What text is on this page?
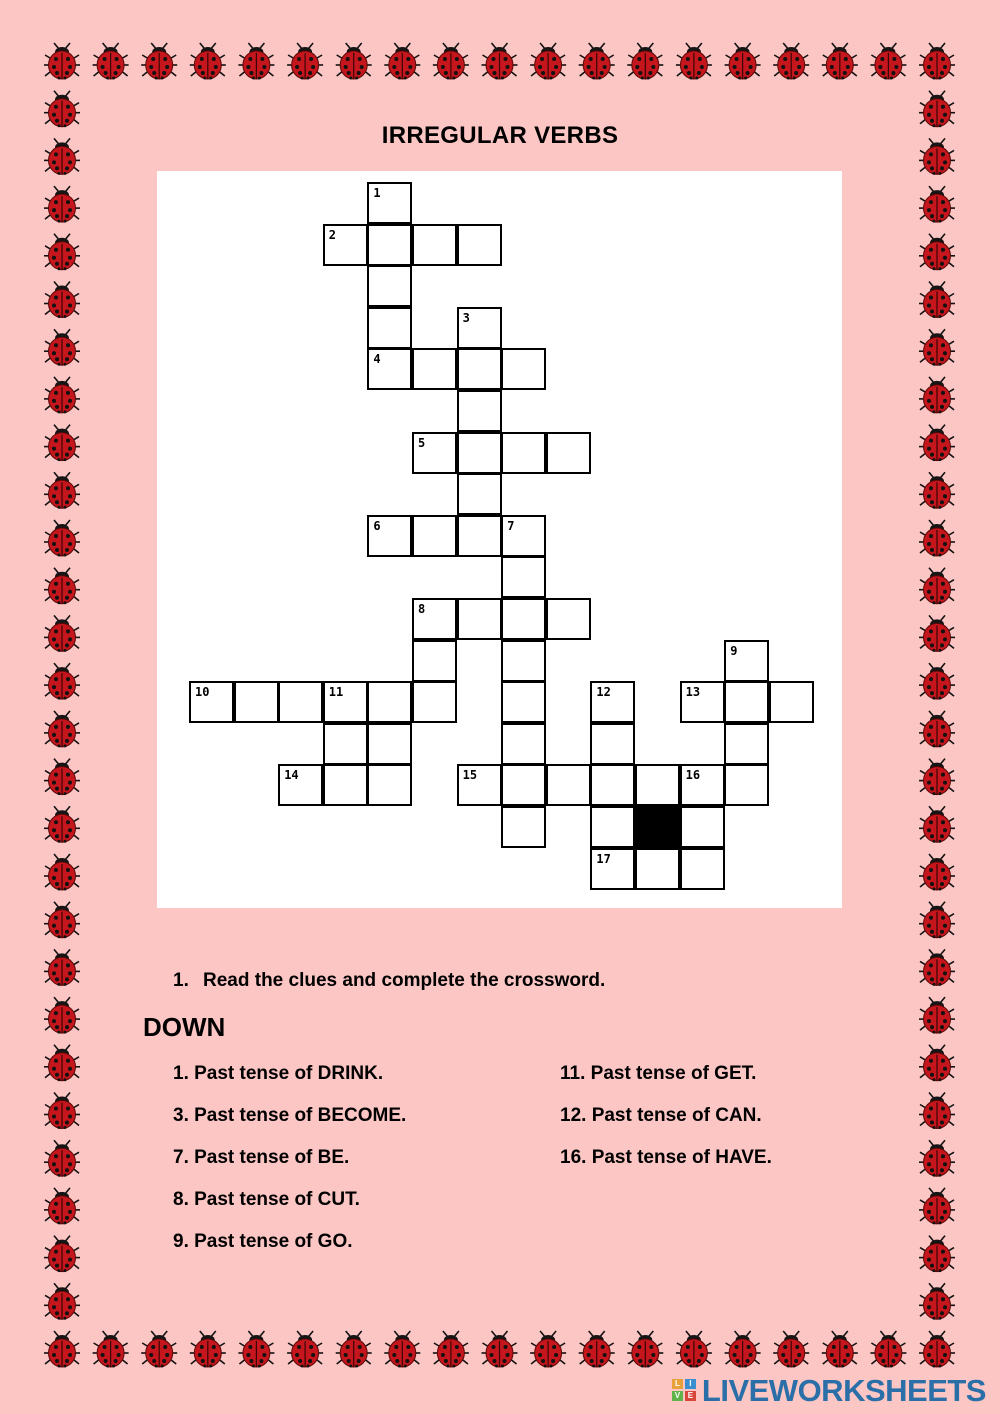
IRREGULAR VERBS
1
2
3
4
5
6	7
8
9
10	11	12	13
14	15	16
17
1. Read the clues and complete the crossword.
DOWN
1. Past tense of DRINK.
3. Past tense of BECOME.
7. Past tense of BE.
8. Past tense of CUT.
9. Past tense of GO.
11. Past tense of GET.
12. Past tense of CAN.
16. Past tense of HAVE.
L	I
V E LIVEWORKSHEETS
